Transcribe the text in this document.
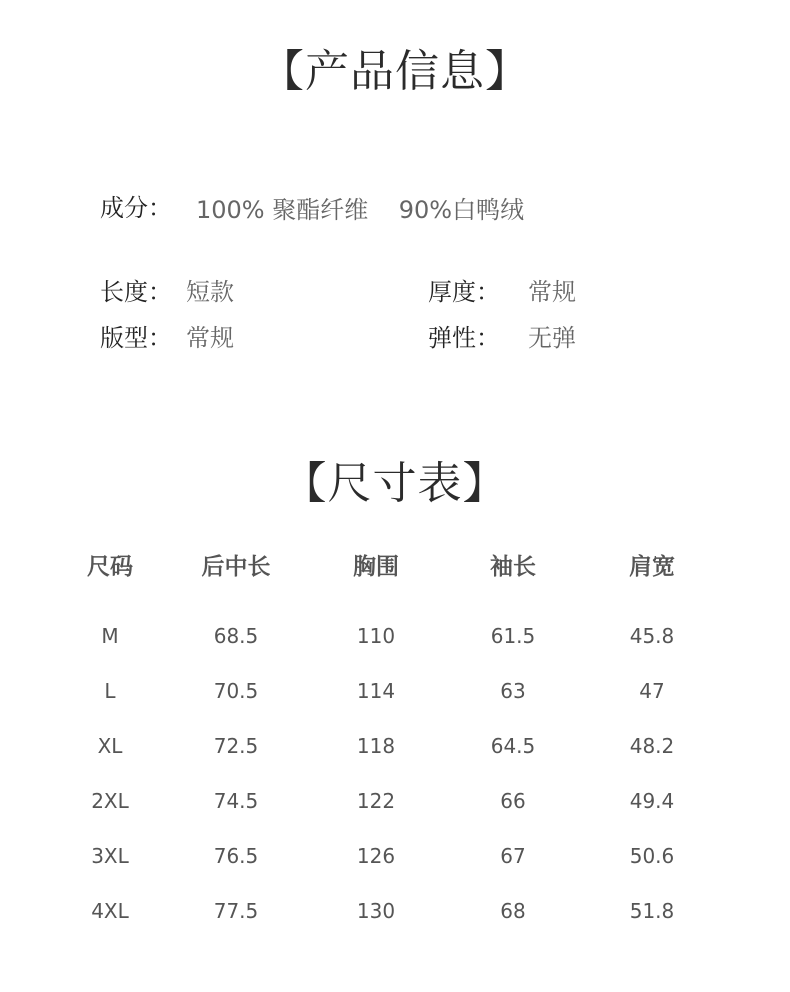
【产品信息】
成分： 100% 聚酯纤维    90%白鸭绒
长度： 短款	厚度： 常规
版型： 常规	弹性： 无弹
【尺寸表】
尺码	后中长	胸围	袖长	肩宽
M	68.5	110	61.5	45.8
L	70.5	114	63	47
XL	72.5	118	64.5	48.2
2XL	74.5	122	66	49.4
3XL	76.5	126	67	50.6
4XL	77.5	130	68	51.8
